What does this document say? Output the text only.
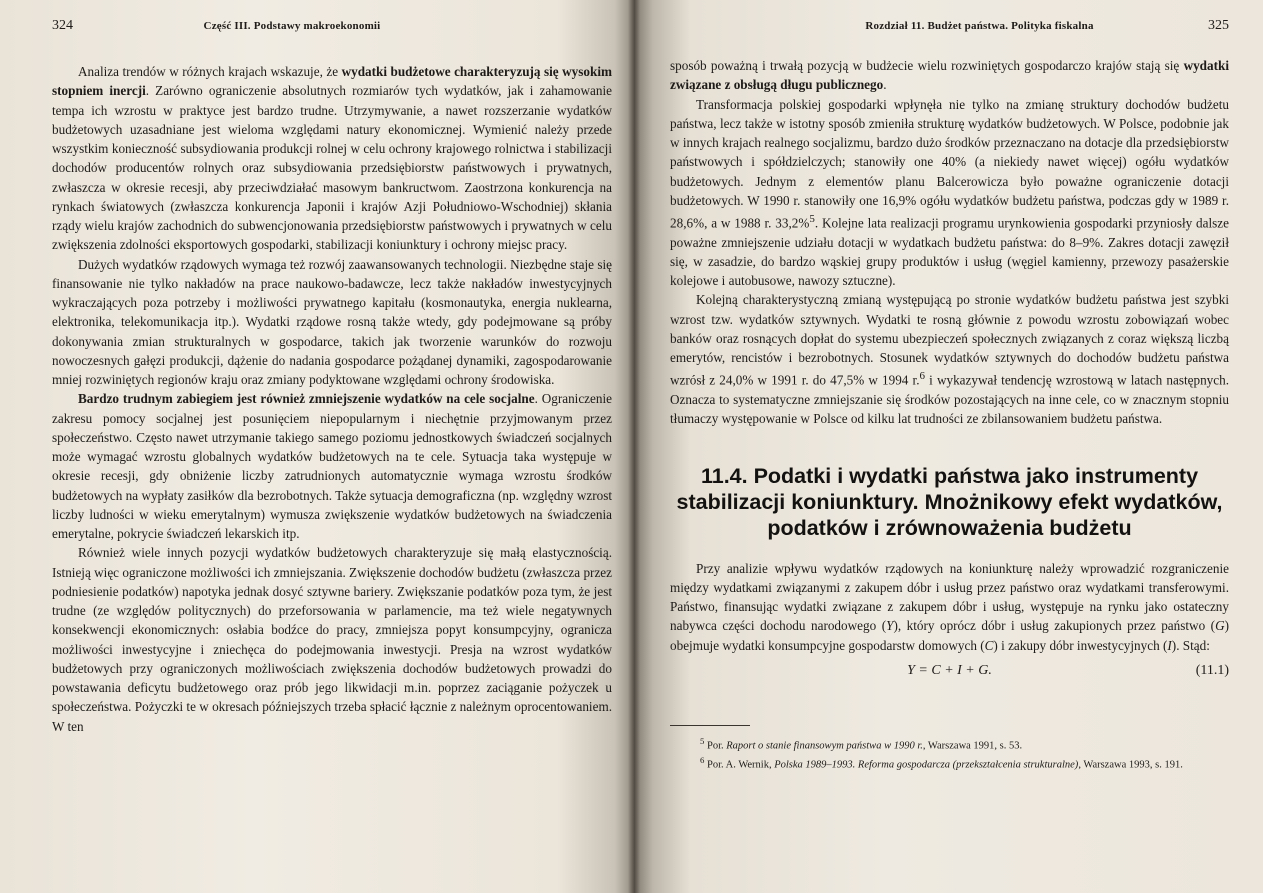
324	Część III. Podstawy makroekonomii

Analiza trendów w różnych krajach wskazuje, że wydatki budżetowe charakteryzują się wysokim stopniem inercji. Zarówno ograniczenie absolutnych rozmiarów tych wydatków, jak i zahamowanie tempa ich wzrostu w praktyce jest bardzo trudne. Utrzymywanie, a nawet rozszerzanie wydatków budżetowych uzasadniane jest wieloma względami natury ekonomicznej. Wymienić należy przede wszystkim konieczność subsydiowania produkcji rolnej w celu ochrony krajowego rolnictwa i stabilizacji dochodów producentów rolnych oraz subsydiowania przedsiębiorstw państwowych i prywatnych, zwłaszcza w okresie recesji, aby przeciwdziałać masowym bankructwom. Zaostrzona konkurencja na rynkach światowych (zwłaszcza konkurencja Japonii i krajów Azji Południowo-Wschodniej) skłania rządy wielu krajów zachodnich do subwencjonowania przedsiębiorstw państwowych i prywatnych w celu zwiększenia zdolności eksportowych gospodarki, stabilizacji koniunktury i ochrony miejsc pracy.

Dużych wydatków rządowych wymaga też rozwój zaawansowanych technologii. Niezbędne staje się finansowanie nie tylko nakładów na prace naukowo-badawcze, lecz także nakładów inwestycyjnych wykraczających poza potrzeby i możliwości prywatnego kapitału (kosmonautyka, energia nuklearna, elektronika, telekomunikacja itp.). Wydatki rządowe rosną także wtedy, gdy podejmowane są próby dokonywania zmian strukturalnych w gospodarce, takich jak tworzenie warunków do rozwoju nowoczesnych gałęzi produkcji, dążenie do nadania gospodarce pożądanej dynamiki, zagospodarowanie mniej rozwiniętych regionów kraju oraz zmiany podyktowane względami ochrony środowiska.

Bardzo trudnym zabiegiem jest również zmniejszenie wydatków na cele socjalne. Ograniczenie zakresu pomocy socjalnej jest posunięciem niepopularnym i niechętnie przyjmowanym przez społeczeństwo. Często nawet utrzymanie takiego samego poziomu jednostkowych świadczeń socjalnych może wymagać wzrostu globalnych wydatków budżetowych na te cele. Sytuacja taka występuje w okresie recesji, gdy obniżenie liczby zatrudnionych automatycznie wymaga wzrostu środków budżetowych na wypłaty zasiłków dla bezrobotnych. Także sytuacja demograficzna (np. względny wzrost liczby ludności w wieku emerytalnym) wymusza zwiększenie wydatków budżetowych na świadczenia emerytalne, pokrycie świadczeń lekarskich itp.

Również wiele innych pozycji wydatków budżetowych charakteryzuje się małą elastycznością. Istnieją więc ograniczone możliwości ich zmniejszania. Zwiększenie dochodów budżetu (zwłaszcza przez podniesienie podatków) napotyka jednak dosyć sztywne bariery. Zwiększanie podatków poza tym, że jest trudne (ze względów politycznych) do przeforsowania w parlamencie, ma też wiele negatywnych konsekwencji ekonomicznych: osłabia bodźce do pracy, zmniejsza popyt konsumpcyjny, ogranicza możliwości inwestycyjne i zniechęca do podejmowania inwestycji. Presja na wzrost wydatków budżetowych przy ograniczonych możliwościach zwiększenia dochodów budżetowych prowadzi do powstawania deficytu budżetowego oraz prób jego likwidacji m.in. poprzez zaciąganie pożyczek u społeczeństwa. Pożyczki te w okresach późniejszych trzeba spłacić łącznie z należnym oprocentowaniem. W ten

Rozdział 11. Budżet państwa. Polityka fiskalna	325

sposób poważną i trwałą pozycją w budżecie wielu rozwiniętych gospodarczo krajów stają się wydatki związane z obsługą długu publicznego.

Transformacja polskiej gospodarki wpłynęła nie tylko na zmianę struktury dochodów budżetu państwa, lecz także w istotny sposób zmieniła strukturę wydatków budżetowych. W Polsce, podobnie jak w innych krajach realnego socjalizmu, bardzo dużo środków przeznaczano na dotacje dla przedsiębiorstw państwowych i spółdzielczych; stanowiły one 40% (a niekiedy nawet więcej) ogółu wydatków budżetowych. Jednym z elementów planu Balcerowicza było poważne ograniczenie dotacji budżetowych. W 1990 r. stanowiły one 16,9% ogółu wydatków budżetu państwa, podczas gdy w 1989 r. 28,6%, a w 1988 r. 33,2%$^5$. Kolejne lata realizacji programu urynkowienia gospodarki przyniosły dalsze poważne zmniejszenie udziału dotacji w wydatkach budżetu państwa: do 8–9%. Zakres dotacji zawęził się, w zasadzie, do bardzo wąskiej grupy produktów i usług (węgiel kamienny, przewozy pasażerskie kolejowe i autobusowe, nawozy sztuczne).

Kolejną charakterystyczną zmianą występującą po stronie wydatków budżetu państwa jest szybki wzrost tzw. wydatków sztywnych. Wydatki te rosną głównie z powodu wzrostu zobowiązań wobec banków oraz rosnących dopłat do systemu ubezpieczeń społecznych związanych z coraz większą liczbą emerytów, rencistów i bezrobotnych. Stosunek wydatków sztywnych do dochodów budżetu państwa wzrósł z 24,0% w 1991 r. do 47,5% w 1994 r.$^6$ i wykazywał tendencję wzrostową w latach następnych. Oznacza to systematyczne zmniejszanie się środków pozostających na inne cele, co w znacznym stopniu tłumaczy występowanie w Polsce od kilku lat trudności ze zbilansowaniem budżetu państwa.

11.4. Podatki i wydatki państwa jako instrumenty stabilizacji koniunktury. Mnożnikowy efekt wydatków, podatków i zrównoważenia budżetu

Przy analizie wpływu wydatków rządowych na koniunkturę należy wprowadzić rozgraniczenie między wydatkami związanymi z zakupem dóbr i usług przez państwo oraz wydatkami transferowymi. Państwo, finansując wydatki związane z zakupem dóbr i usług, występuje na rynku jako ostateczny nabywca części dochodu narodowego (Y), który oprócz dóbr i usług zakupionych przez państwo (G) obejmuje wydatki konsumpcyjne gospodarstw domowych (C) i zakupy dóbr inwestycyjnych (I). Stąd:

Y = C + I + G.	(11.1)

$^5$ Por. Raport o stanie finansowym państwa w 1990 r., Warszawa 1991, s. 53.

$^6$ Por. A. Wernik, Polska 1989–1993. Reforma gospodarcza (przekształcenia strukturalne), Warszawa 1993, s. 191.
